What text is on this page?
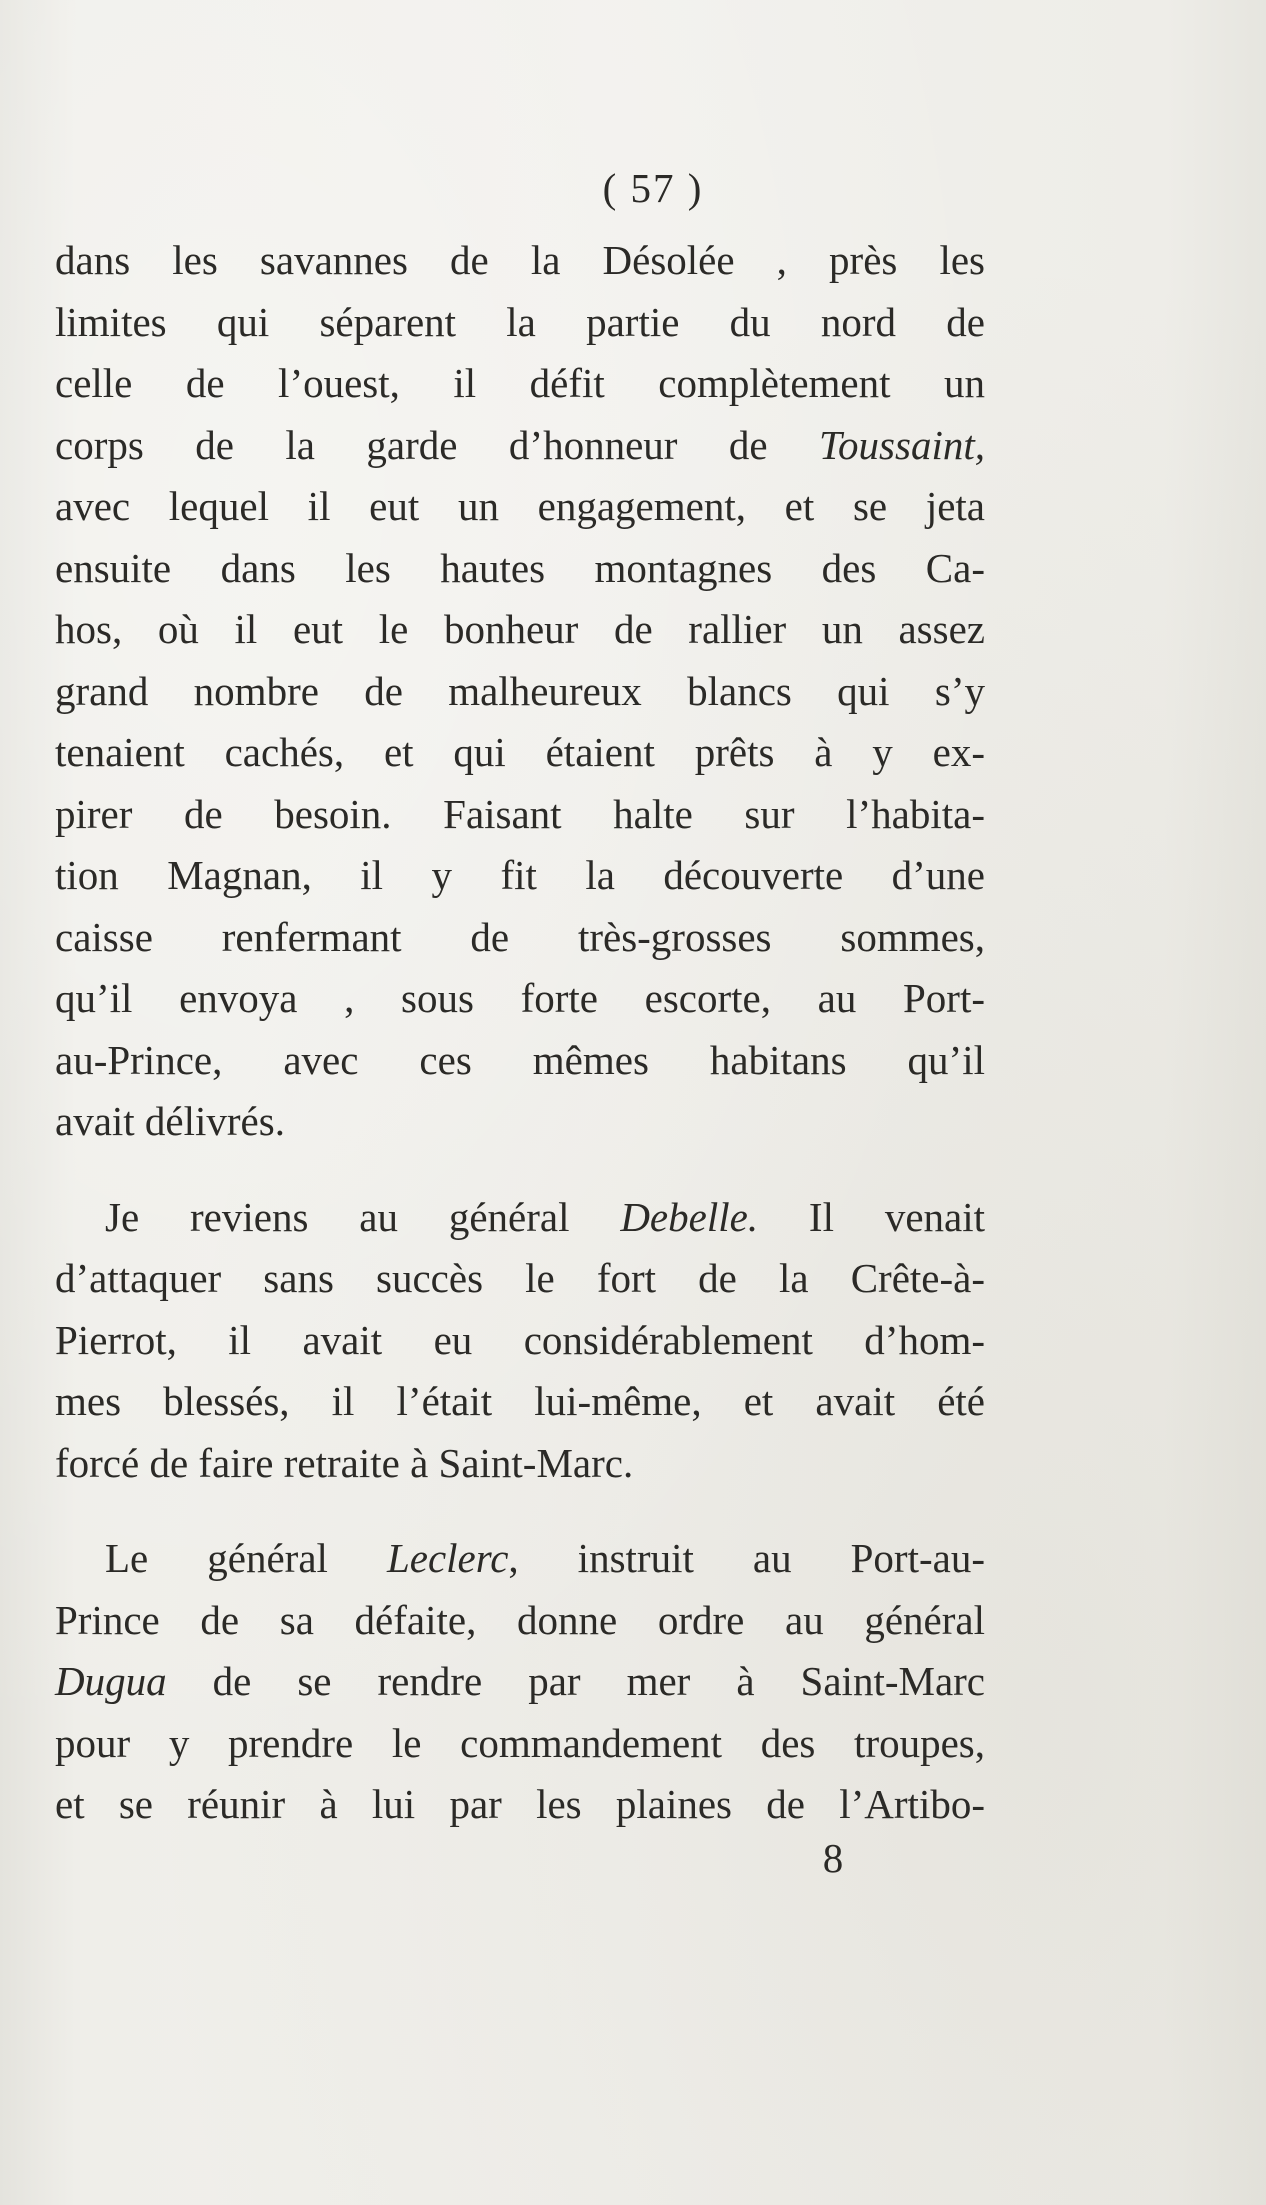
( 57 )
dans les savannes de la Désolée , près les
limites qui séparent la partie du nord de
celle de l’ouest, il défit complètement un
corps de la garde d’honneur de Toussaint,
avec lequel il eut un engagement, et se jeta
ensuite dans les hautes montagnes des Ca-
hos, où il eut le bonheur de rallier un assez
grand nombre de malheureux blancs qui s’y
tenaient cachés, et qui étaient prêts à y ex-
pirer de besoin. Faisant halte sur l’habita-
tion Magnan, il y fit la découverte d’une
caisse renfermant de très-grosses sommes,
qu’il envoya , sous forte escorte, au Port-
au-Prince, avec ces mêmes habitans qu’il
avait délivrés.
Je reviens au général Debelle. Il venait
d’attaquer sans succès le fort de la Crête-à-
Pierrot, il avait eu considérablement d’hom-
mes blessés, il l’était lui-même, et avait été
forcé de faire retraite à Saint-Marc.
Le général Leclerc, instruit au Port-au-
Prince de sa défaite, donne ordre au général
Dugua de se rendre par mer à Saint-Marc
pour y prendre le commandement des troupes,
et se réunir à lui par les plaines de l’Artibo-
8
